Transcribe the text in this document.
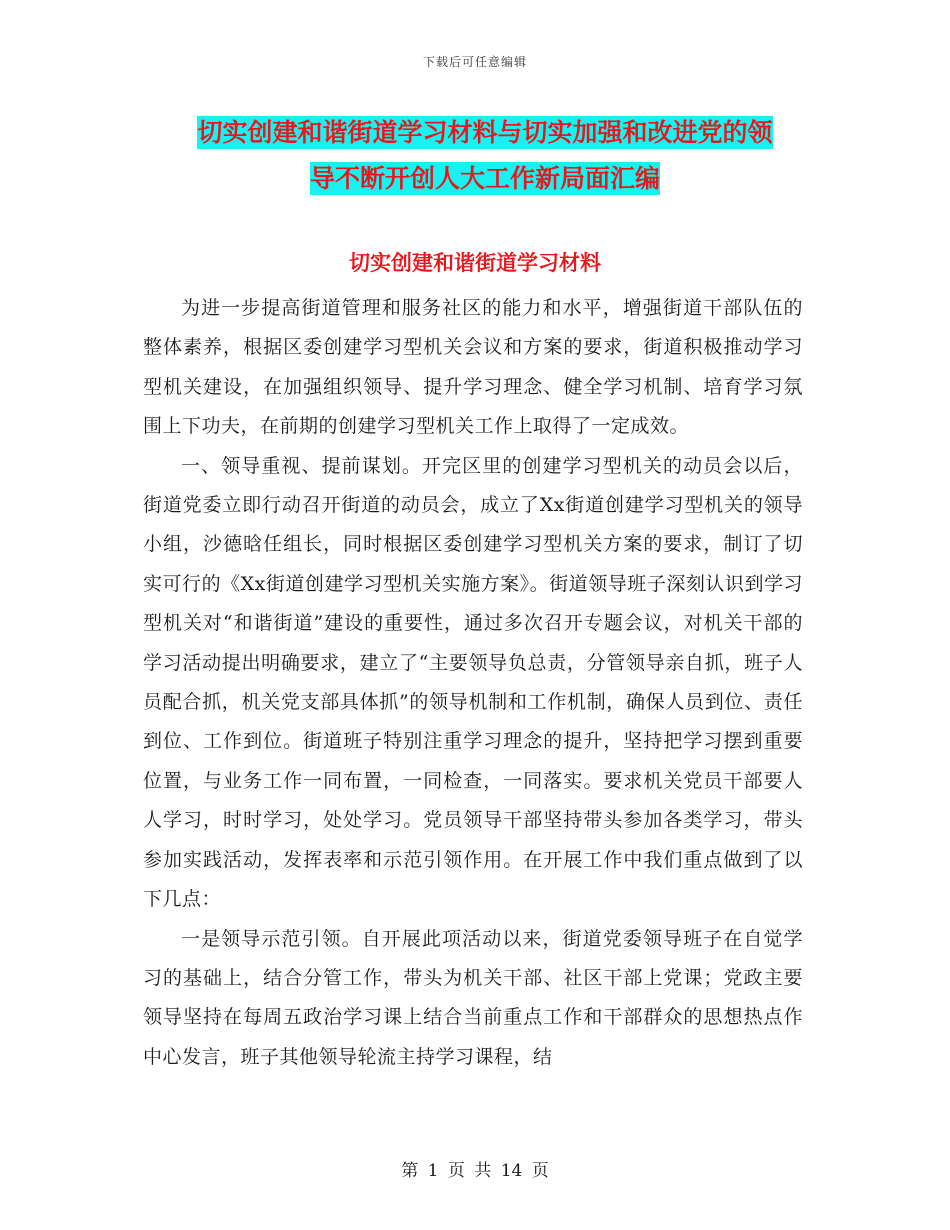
下载后可任意编辑
切实创建和谐街道学习材料与切实加强和改进党的领
导不断开创人大工作新局面汇编
切实创建和谐街道学习材料

为进一步提高街道管理和服务社区的能力和水平，增强街道干部队伍的整体素养，根据区委创建学习型机关会议和方案的要求，街道积极推动学习型机关建设，在加强组织领导、提升学习理念、健全学习机制、培育学习氛围上下功夫，在前期的创建学习型机关工作上取得了一定成效。

一、领导重视、提前谋划。开完区里的创建学习型机关的动员会以后，街道党委立即行动召开街道的动员会，成立了Xx街道创建学习型机关的领导小组，沙德晗任组长，同时根据区委创建学习型机关方案的要求，制订了切实可行的《Xx街道创建学习型机关实施方案》。街道领导班子深刻认识到学习型机关对“和谐街道”建设的重要性，通过多次召开专题会议，对机关干部的学习活动提出明确要求，建立了“主要领导负总责，分管领导亲自抓，班子人员配合抓，机关党支部具体抓”的领导机制和工作机制，确保人员到位、责任到位、工作到位。街道班子特别注重学习理念的提升，坚持把学习摆到重要位置，与业务工作一同布置，一同检查，一同落实。要求机关党员干部要人人学习，时时学习，处处学习。党员领导干部坚持带头参加各类学习，带头参加实践活动，发挥表率和示范引领作用。在开展工作中我们重点做到了以下几点：

一是领导示范引领。自开展此项活动以来，街道党委领导班子在自觉学习的基础上，结合分管工作，带头为机关干部、社区干部上党课；党政主要领导坚持在每周五政治学习课上结合当前重点工作和干部群众的思想热点作中心发言，班子其他领导轮流主持学习课程，结

第 1 页 共 14 页
